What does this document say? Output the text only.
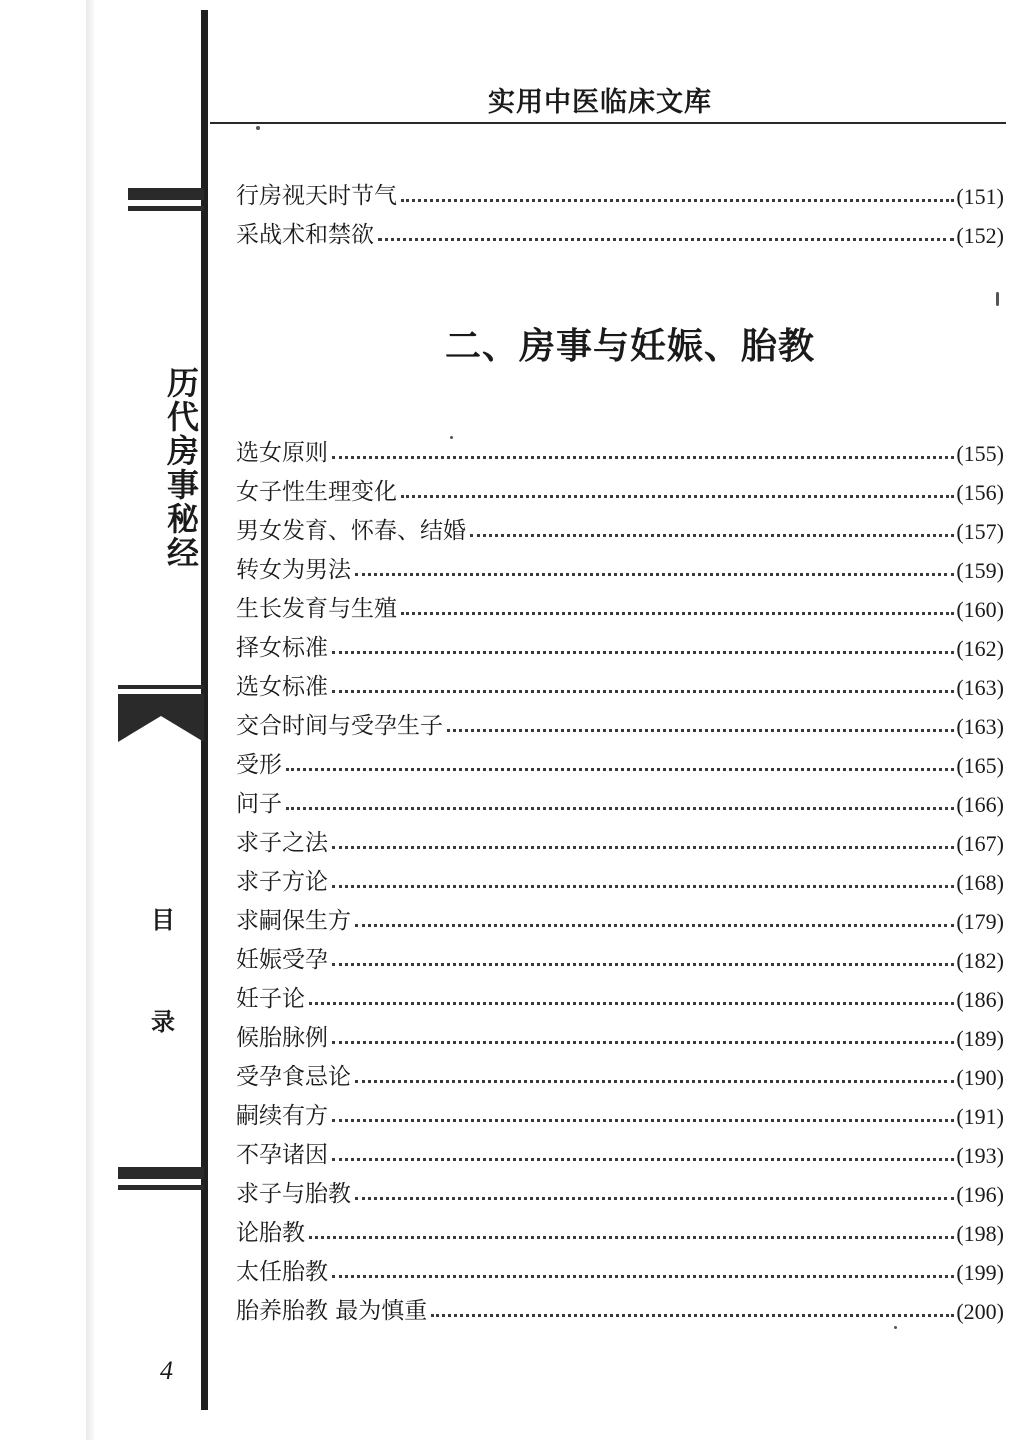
历代房事秘经
目
录
4
实用中医临床文库
行房视天时节气	(151)
采战术和禁欲	(152)
二、房事与妊娠、胎教
选女原则	(155)
女子性生理变化	(156)
男女发育、怀春、结婚	(157)
转女为男法	(159)
生长发育与生殖	(160)
择女标准	(162)
选女标准	(163)
交合时间与受孕生子	(163)
受形	(165)
问子	(166)
求子之法	(167)
求子方论	(168)
求嗣保生方	(179)
妊娠受孕	(182)
妊子论	(186)
候胎脉例	(189)
受孕食忌论	(190)
嗣续有方	(191)
不孕诸因	(193)
求子与胎教	(196)
论胎教	(198)
太任胎教	(199)
胎养胎教 最为慎重	(200)
